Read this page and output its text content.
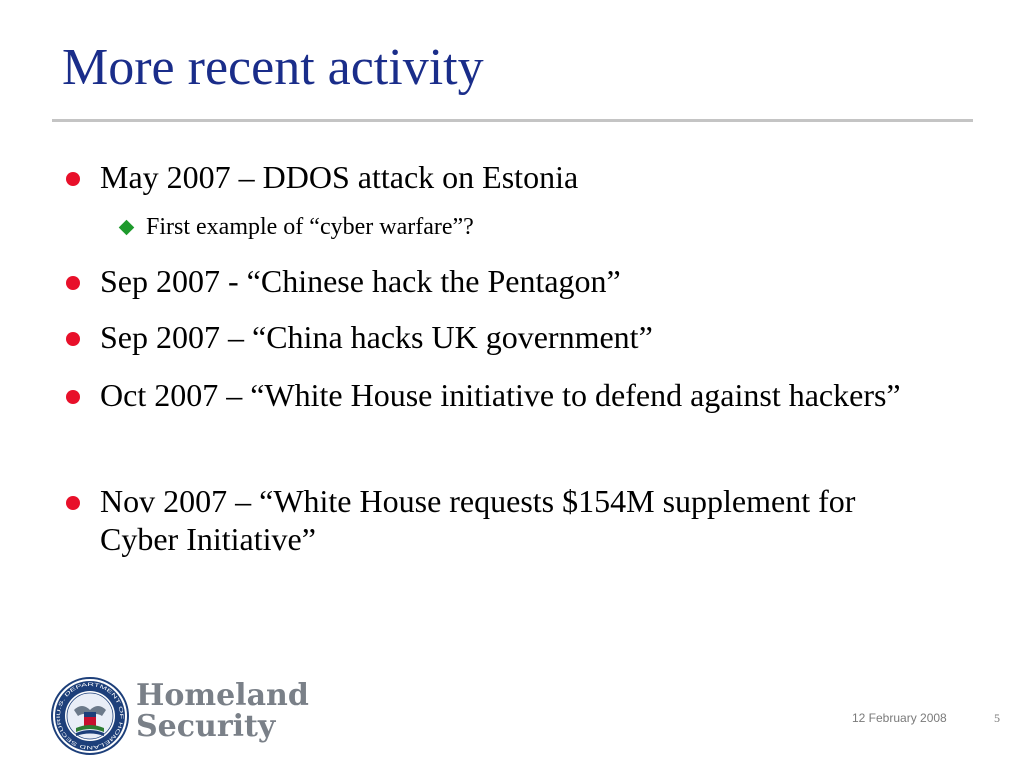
More recent activity
May 2007 – DDOS attack on Estonia
First example of “cyber warfare”?
Sep 2007 - “Chinese hack the Pentagon”
Sep 2007 – “China hacks UK government”
Oct 2007 – “White House initiative to defend against hackers”
Nov 2007 – “White House requests $154M supplement for Cyber Initiative”
U.S. DEPARTMENT OF HOMELAND SECURI
Homeland
Security	12 February 2008	5
